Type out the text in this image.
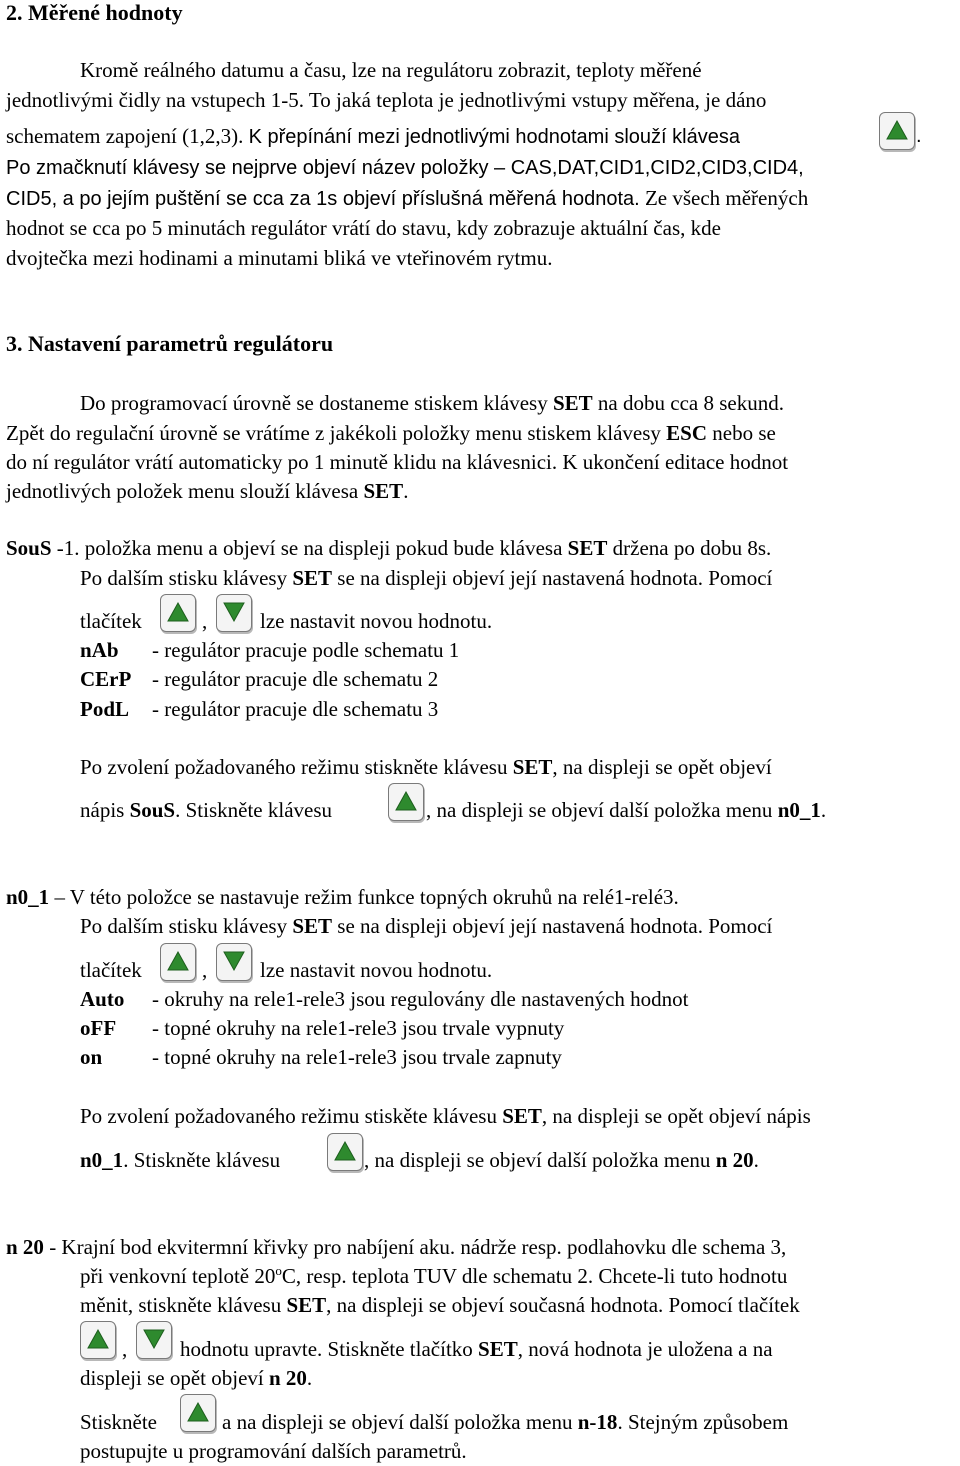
2. Měřené hodnoty
Kromě reálného datumu a času, lze na regulátoru zobrazit, teploty měřené
jednotlivými čidly na vstupech 1-5. To jaká teplota je jednotlivými vstupy měřena, je dáno
schematem zapojení (1,2,3). K přepínání mezi jednotlivými hodnotami slouží klávesa	.
Po zmačknutí klávesy se nejprve objeví název položky – CAS,DAT,CID1,CID2,CID3,CID4,
CID5, a po jejím puštění se cca za 1s objeví příslušná měřená hodnota. Ze všech měřených
hodnot se cca po 5 minutách regulátor vrátí do stavu, kdy zobrazuje aktuální čas, kde
dvojtečka mezi hodinami a minutami bliká ve vteřinovém rytmu.
3. Nastavení parametrů regulátoru
Do programovací úrovně se dostaneme stiskem klávesy SET na dobu cca 8 sekund.
Zpět do regulační úrovně se vrátíme z jakékoli položky menu stiskem klávesy ESC nebo se
do ní regulátor vrátí automaticky po 1 minutě klidu na klávesnici. K ukončení editace hodnot
jednotlivých položek menu slouží klávesa SET.
SouS -1. položka menu a objeví se na displeji pokud bude klávesa SET držena po dobu 8s.
Po dalším stisku klávesy SET se na displeji objeví její nastavená hodnota. Pomocí
tlačítek	,	lze nastavit novou hodnotu.
nAb - regulátor pracuje podle schematu 1
CErP - regulátor pracuje dle schematu 2
PodL - regulátor pracuje dle schematu 3
Po zvolení požadovaného režimu stiskněte klávesu SET, na displeji se opět objeví
nápis SouS. Stiskněte klávesu	, na displeji se objeví další položka menu n0_1.
n0_1 – V této položce se nastavuje režim funkce topných okruhů na relé1-relé3.
Po dalším stisku klávesy SET se na displeji objeví její nastavená hodnota. Pomocí
tlačítek	,	lze nastavit novou hodnotu.
Auto - okruhy na rele1-rele3 jsou regulovány dle nastavených hodnot
oFF - topné okruhy na rele1-rele3 jsou trvale vypnuty
on - topné okruhy na rele1-rele3 jsou trvale zapnuty
Po zvolení požadovaného režimu stiskěte klávesu SET, na displeji se opět objeví nápis
n0_1. Stiskněte klávesu	, na displeji se objeví další položka menu n 20.
n 20 - Krajní bod ekvitermní křivky pro nabíjení aku. nádrže resp. podlahovku dle schema 3,
při venkovní teplotě 20$^o$C, resp. teplota TUV dle schematu 2. Chcete-li tuto hodnotu
měnit, stiskněte klávesu SET, na displeji se objeví současná hodnota. Pomocí tlačítek
,	hodnotu upravte. Stiskněte tlačítko SET, nová hodnota je uložena a na
displeji se opět objeví n 20.
Stiskněte	a na displeji se objeví další položka menu n-18. Stejným způsobem
postupujte u programování dalších parametrů.
